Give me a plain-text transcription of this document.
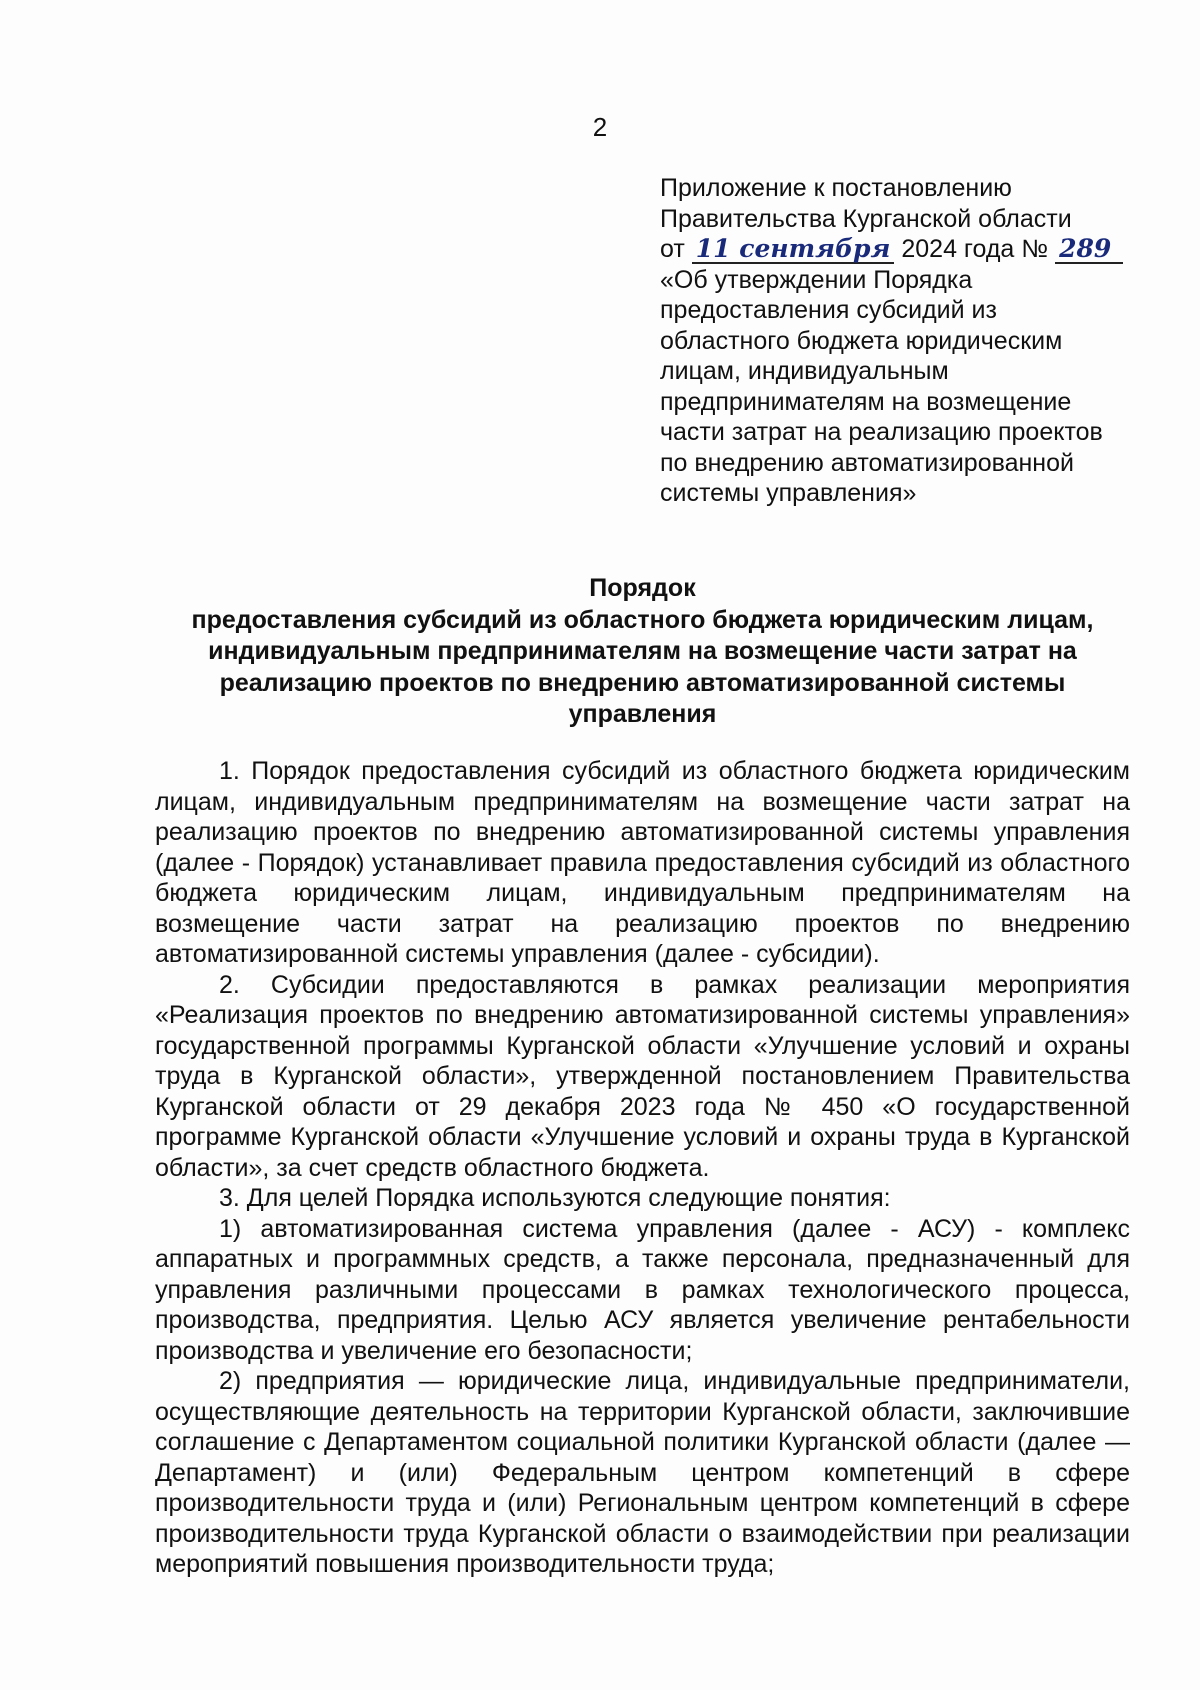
2
Приложение к постановлению
Правительства Курганской области
от 11 сентября 2024 года № 289
«Об утверждении Порядка
предоставления субсидий из
областного бюджета юридическим
лицам, индивидуальным
предпринимателям на возмещение
части затрат на реализацию проектов
по внедрению автоматизированной
системы управления»
Порядок
предоставления субсидий из областного бюджета юридическим лицам,
индивидуальным предпринимателям на возмещение части затрат на
реализацию проектов по внедрению автоматизированной системы
управления

1. Порядок предоставления субсидий из областного бюджета юридическим лицам, индивидуальным предпринимателям на возмещение части затрат на реализацию проектов по внедрению автоматизированной системы управления (далее - Порядок) устанавливает правила предоставления субсидий из областного бюджета юридическим лицам, индивидуальным предпринимателям на возмещение части затрат на реализацию проектов по внедрению автоматизированной системы управления (далее - субсидии).

2. Субсидии предоставляются в рамках реализации мероприятия «Реализация проектов по внедрению автоматизированной системы управления» государственной программы Курганской области «Улучшение условий и охраны труда в Курганской области», утвержденной постановлением Правительства Курганской области от 29 декабря 2023 года № 450 «О государственной программе Курганской области «Улучшение условий и охраны труда в Курганской области», за счет средств областного бюджета.

3. Для целей Порядка используются следующие понятия:

1) автоматизированная система управления (далее - АСУ) - комплекс аппаратных и программных средств, а также персонала, предназначенный для управления различными процессами в рамках технологического процесса, производства, предприятия. Целью АСУ является увеличение рентабельности производства и увеличение его безопасности;

2) предприятия — юридические лица, индивидуальные предприниматели, осуществляющие деятельность на территории Курганской области, заключившие соглашение с Департаментом социальной политики Курганской области (далее — Департамент) и (или) Федеральным центром компетенций в сфере производительности труда и (или) Региональным центром компетенций в сфере производительности труда Курганской области о взаимодействии при реализации мероприятий повышения производительности труда;
